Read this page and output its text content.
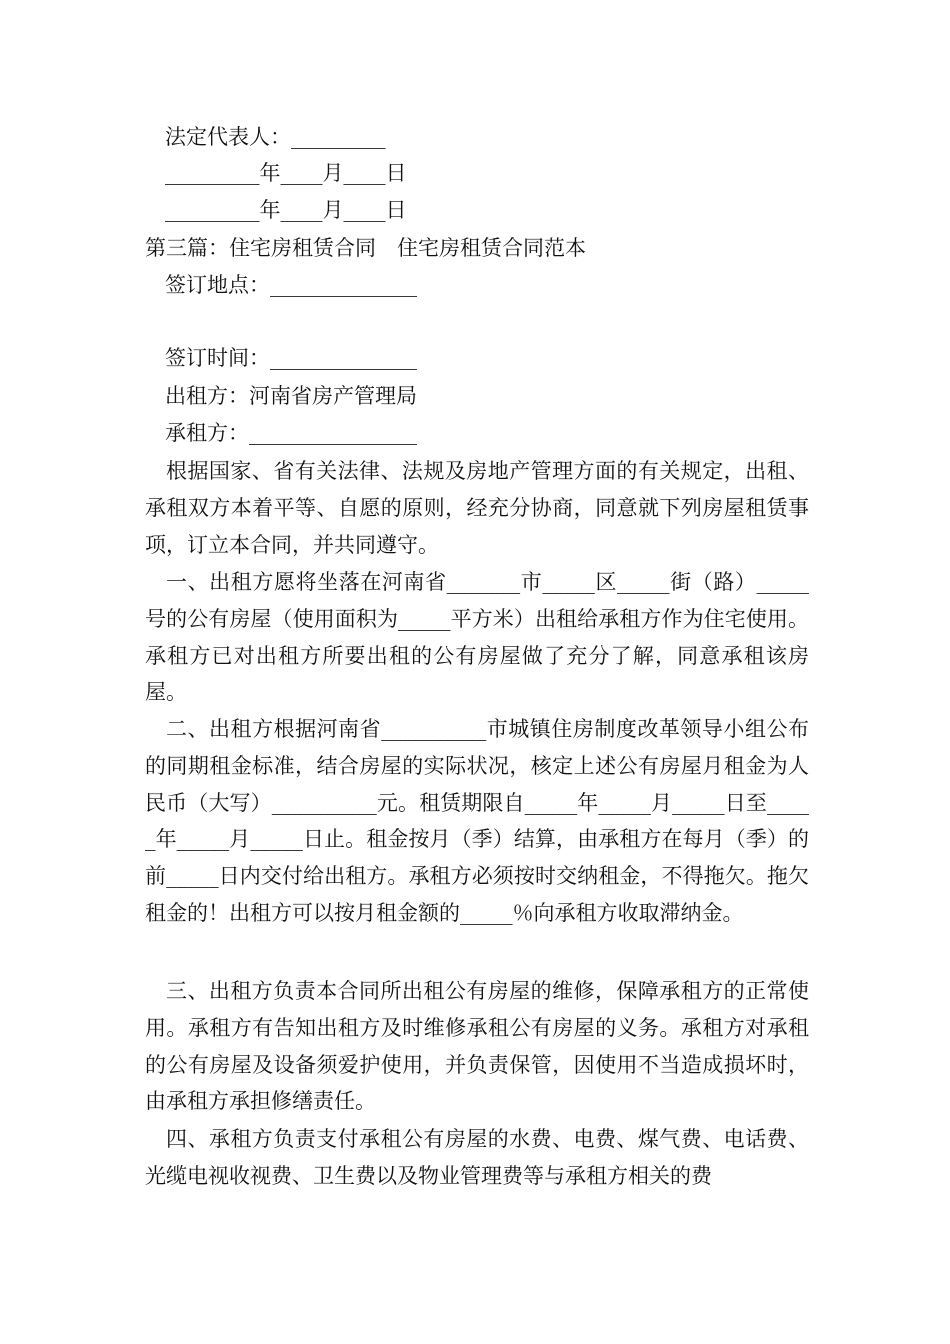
法定代表人：_________
_________年____月____日
_________年____月____日
第三篇：住宅房租赁合同　住宅房租赁合同范本
签订地点：______________
签订时间：______________
出租方：河南省房产管理局
承租方：________________

根据国家、省有关法律、法规及房地产管理方面的有关规定，出租、承租双方本着平等、自愿的原则，经充分协商，同意就下列房屋租赁事项，订立本合同，并共同遵守。

一、出租方愿将坐落在河南省_______市_____区_____街（路）_____号的公有房屋（使用面积为_____平方米）出租给承租方作为住宅使用。承租方已对出租方所要出租的公有房屋做了充分了解，同意承租该房屋。

二、出租方根据河南省__________市城镇住房制度改革领导小组公布的同期租金标准，结合房屋的实际状况，核定上述公有房屋月租金为人民币（大写）__________元。租赁期限自_____年_____月_____日至_____年_____月_____日止。租金按月（季）结算，由承租方在每月（季）的前_____日内交付给出租方。承租方必须按时交纳租金，不得拖欠。拖欠租金的！出租方可以按月租金额的_____％向承租方收取滞纳金。

三、出租方负责本合同所出租公有房屋的维修，保障承租方的正常使用。承租方有告知出租方及时维修承租公有房屋的义务。承租方对承租的公有房屋及设备须爱护使用，并负责保管，因使用不当造成损坏时，由承租方承担修缮责任。

四、承租方负责支付承租公有房屋的水费、电费、煤气费、电话费、光缆电视收视费、卫生费以及物业管理费等与承租方相关的费
